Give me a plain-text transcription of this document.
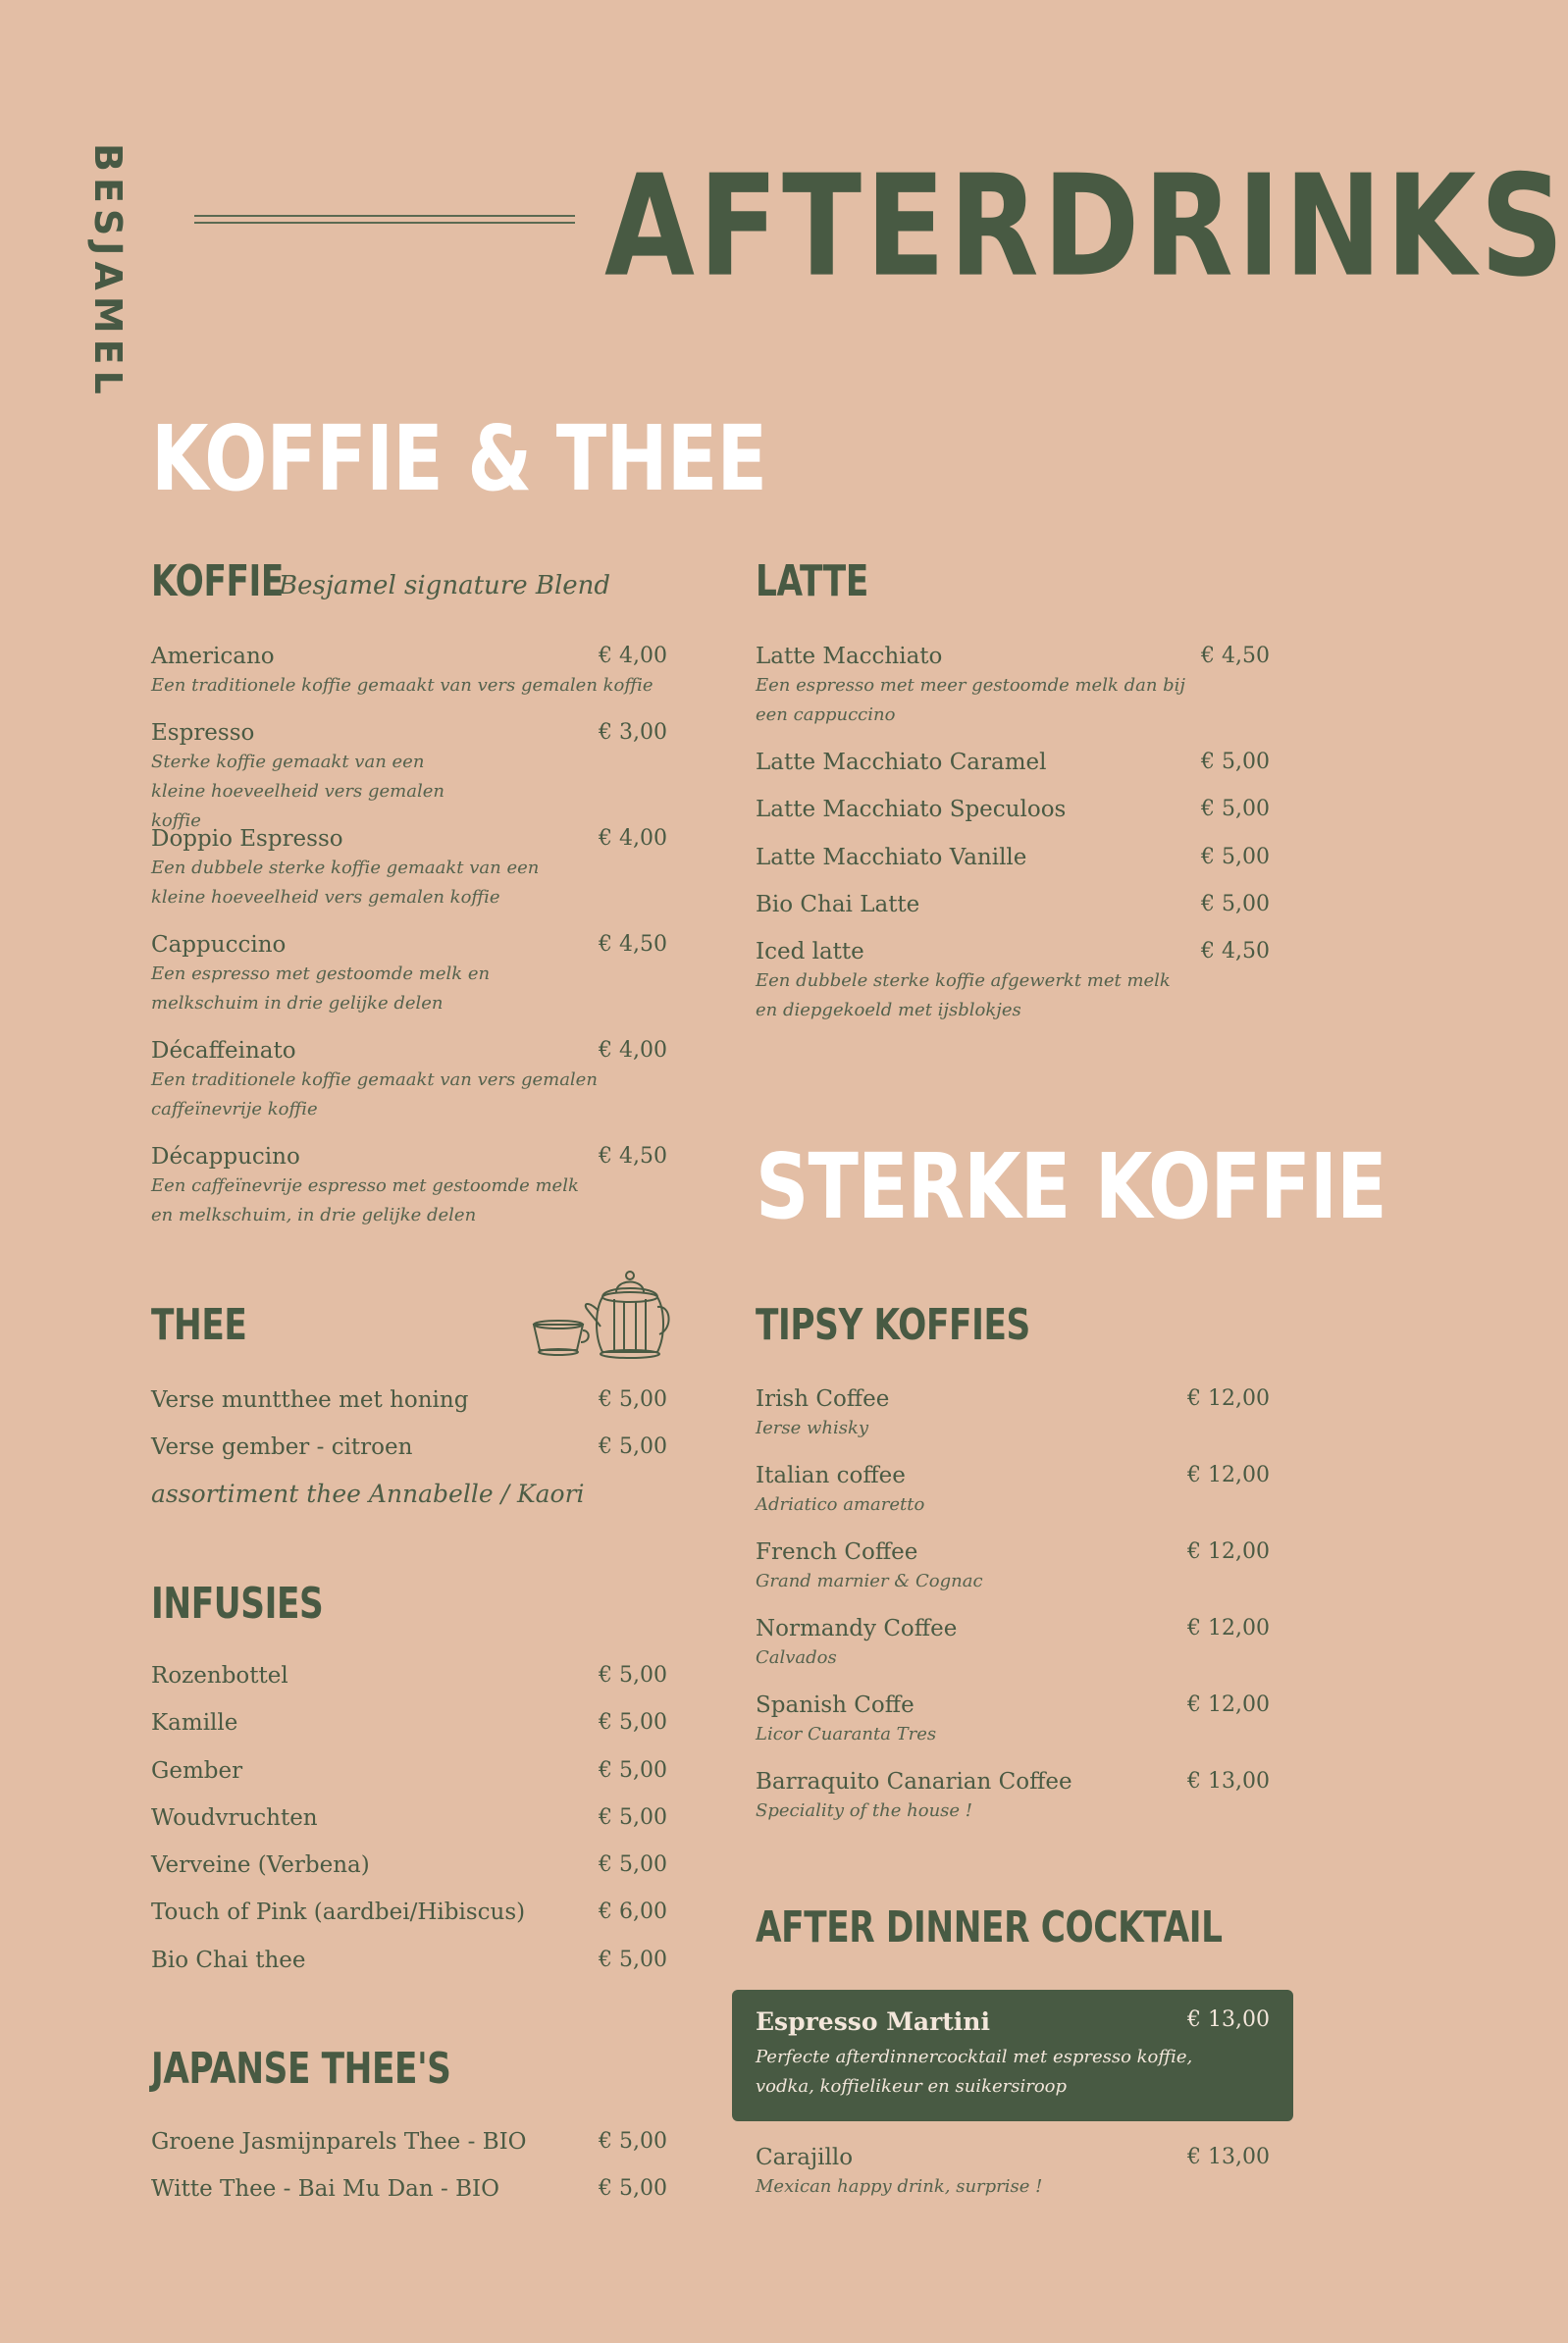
BESJAMEL	AFTERDRINKS
KOFFIE & THEE
KOFFIE
Besjamel signature Blend
Americano	€ 4,00
Een traditionele koffie gemaakt van vers gemalen koffie
Espresso	€ 3,00
Sterke koffie gemaakt van een kleine hoeveelheid vers gemalen koffie
Doppio Espresso	€ 4,00
Een dubbele sterke koffie gemaakt van een kleine hoeveelheid vers gemalen koffie
Cappuccino	€ 4,50
Een espresso met gestoomde melk en melkschuim in drie gelijke delen
Décaffeinato	€ 4,00
Een traditionele koffie gemaakt van vers gemalen caffeïnevrije koffie
Décappucino	€ 4,50
Een caffeïnevrije espresso met gestoomde melk en melkschuim, in drie gelijke delen
THEE
Verse muntthee met honing	€ 5,00
Verse gember - citroen	€ 5,00
assortiment thee Annabelle / Kaori
INFUSIES
Rozenbottel	€ 5,00
Kamille	€ 5,00
Gember	€ 5,00
Woudvruchten	€ 5,00
Verveine (Verbena)	€ 5,00
Touch of Pink (aardbei/Hibiscus)	€ 6,00
Bio Chai thee	€ 5,00
JAPANSE THEE'S
Groene Jasmijnparels Thee - BIO	€ 5,00
Witte Thee - Bai Mu Dan - BIO	€ 5,00
LATTE
Latte Macchiato	€ 4,50
Een espresso met meer gestoomde melk dan bij een cappuccino
Latte Macchiato Caramel	€ 5,00
Latte Macchiato Speculoos	€ 5,00
Latte Macchiato Vanille	€ 5,00
Bio Chai Latte	€ 5,00
Iced latte	€ 4,50
Een dubbele sterke koffie afgewerkt met melk en diepgekoeld met ijsblokjes
STERKE KOFFIE
TIPSY KOFFIES
Irish Coffee	€ 12,00
Ierse whisky
Italian coffee	€ 12,00
Adriatico amaretto
French Coffee	€ 12,00
Grand marnier & Cognac
Normandy Coffee	€ 12,00
Calvados
Spanish Coffe	€ 12,00
Licor Cuaranta Tres
Barraquito Canarian Coffee	€ 13,00
Speciality of the house !
AFTER DINNER COCKTAIL
Espresso Martini	€ 13,00
Perfecte afterdinnercocktail met espresso koffie, vodka, koffielikeur en suikersiroop
Carajillo	€ 13,00
Mexican happy drink, surprise !
